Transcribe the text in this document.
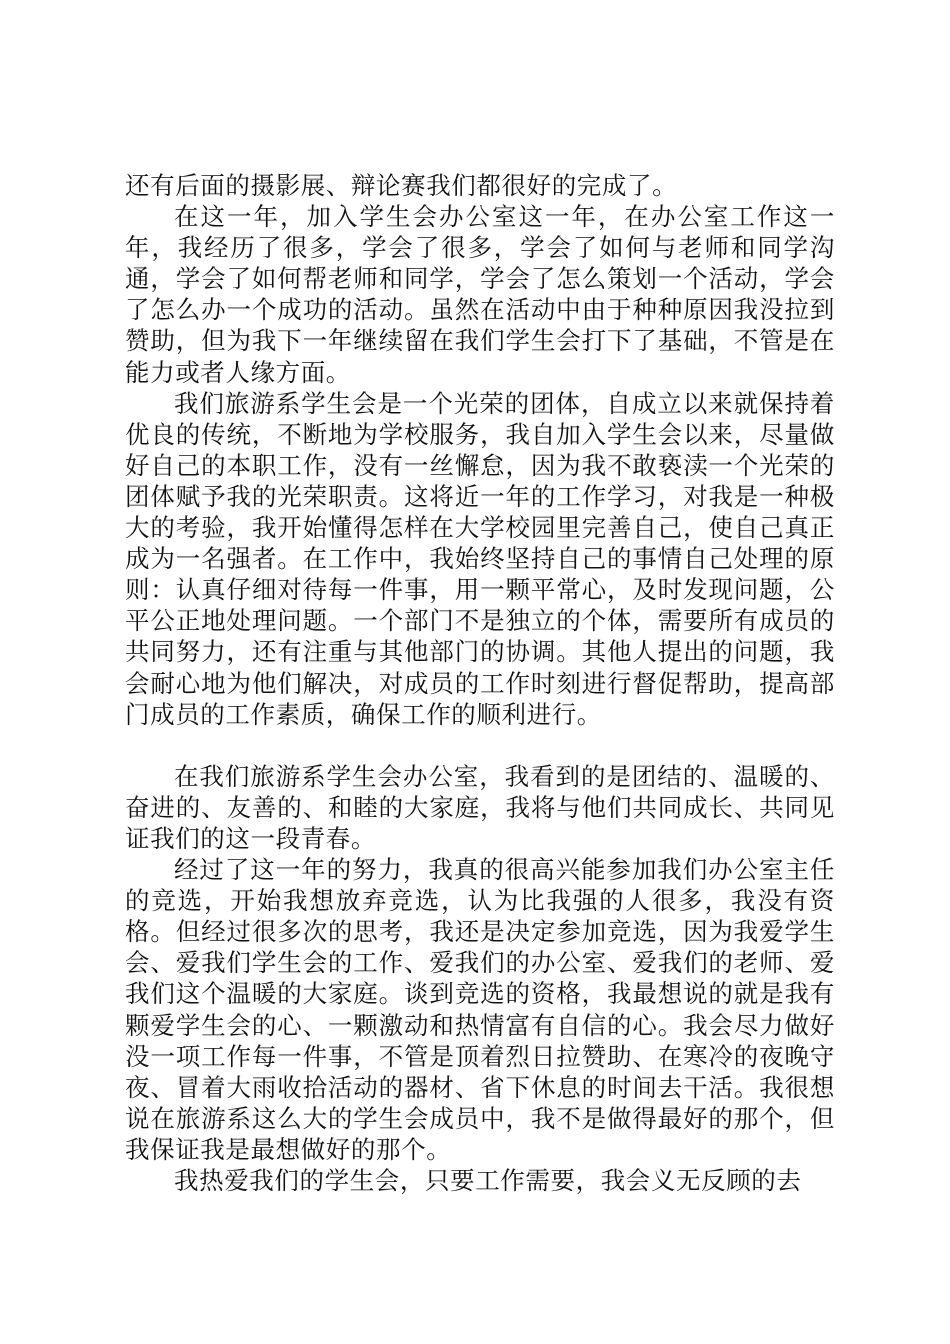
还有后面的摄影展、辩论赛我们都很好的完成了。

在这一年，加入学生会办公室这一年，在办公室工作这一年，我经历了很多，学会了很多，学会了如何与老师和同学沟通，学会了如何帮老师和同学，学会了怎么策划一个活动，学会了怎么办一个成功的活动。虽然在活动中由于种种原因我没拉到赞助，但为我下一年继续留在我们学生会打下了基础，不管是在能力或者人缘方面。

我们旅游系学生会是一个光荣的团体，自成立以来就保持着优良的传统，不断地为学校服务，我自加入学生会以来，尽量做好自己的本职工作，没有一丝懈怠，因为我不敢亵渎一个光荣的团体赋予我的光荣职责。这将近一年的工作学习，对我是一种极大的考验，我开始懂得怎样在大学校园里完善自己，使自己真正成为一名强者。在工作中，我始终坚持自己的事情自己处理的原则：认真仔细对待每一件事，用一颗平常心，及时发现问题，公平公正地处理问题。一个部门不是独立的个体，需要所有成员的共同努力，还有注重与其他部门的协调。其他人提出的问题，我会耐心地为他们解决，对成员的工作时刻进行督促帮助，提高部门成员的工作素质，确保工作的顺利进行。

在我们旅游系学生会办公室，我看到的是团结的、温暖的、奋进的、友善的、和睦的大家庭，我将与他们共同成长、共同见证我们的这一段青春。

经过了这一年的努力，我真的很高兴能参加我们办公室主任的竞选，开始我想放弃竞选，认为比我强的人很多，我没有资格。但经过很多次的思考，我还是决定参加竞选，因为我爱学生会、爱我们学生会的工作、爱我们的办公室、爱我们的老师、爱我们这个温暖的大家庭。谈到竞选的资格，我最想说的就是我有颗爱学生会的心、一颗激动和热情富有自信的心。我会尽力做好没一项工作每一件事，不管是顶着烈日拉赞助、在寒冷的夜晚守夜、冒着大雨收拾活动的器材、省下休息的时间去干活。我很想说在旅游系这么大的学生会成员中，我不是做得最好的那个，但我保证我是最想做好的那个。

我热爱我们的学生会，只要工作需要，我会义无反顾的去
